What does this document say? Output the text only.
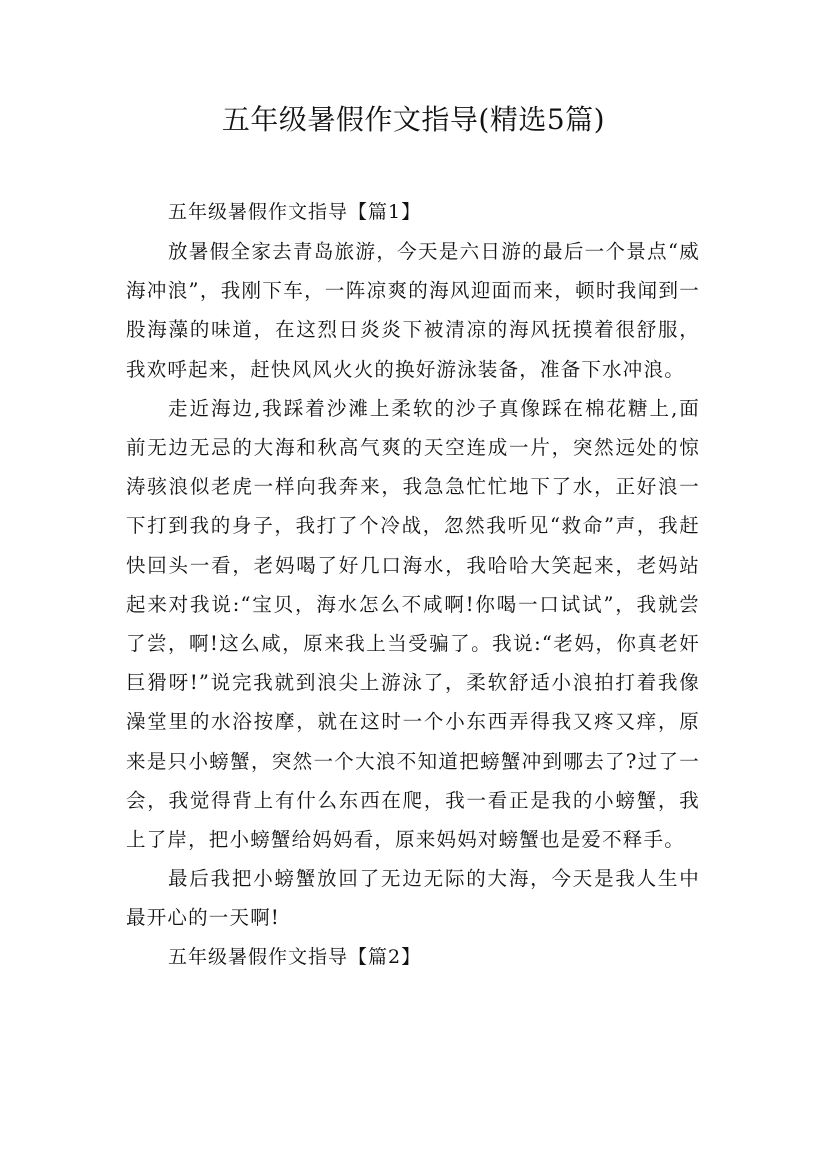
五年级暑假作文指导(精选5篇)

五年级暑假作文指导【篇1】

放暑假全家去青岛旅游，今天是六日游的最后一个景点“威海冲浪”，我刚下车，一阵凉爽的海风迎面而来，顿时我闻到一股海藻的味道，在这烈日炎炎下被清凉的海风抚摸着很舒服，我欢呼起来，赶快风风火火的换好游泳装备，准备下水冲浪。

走近海边,我踩着沙滩上柔软的沙子真像踩在棉花糖上,面前无边无忌的大海和秋高气爽的天空连成一片，突然远处的惊涛骇浪似老虎一样向我奔来，我急急忙忙地下了水，正好浪一下打到我的身子，我打了个冷战，忽然我听见“救命”声，我赶快回头一看，老妈喝了好几口海水，我哈哈大笑起来，老妈站起来对我说:“宝贝，海水怎么不咸啊!你喝一口试试”，我就尝了尝，啊!这么咸，原来我上当受骗了。我说:“老妈，你真老奸巨猾呀!”说完我就到浪尖上游泳了，柔软舒适小浪拍打着我像澡堂里的水浴按摩，就在这时一个小东西弄得我又疼又痒，原来是只小螃蟹，突然一个大浪不知道把螃蟹冲到哪去了?过了一会，我觉得背上有什么东西在爬，我一看正是我的小螃蟹，我上了岸，把小螃蟹给妈妈看，原来妈妈对螃蟹也是爱不释手。

最后我把小螃蟹放回了无边无际的大海，今天是我人生中最开心的一天啊!

五年级暑假作文指导【篇2】
